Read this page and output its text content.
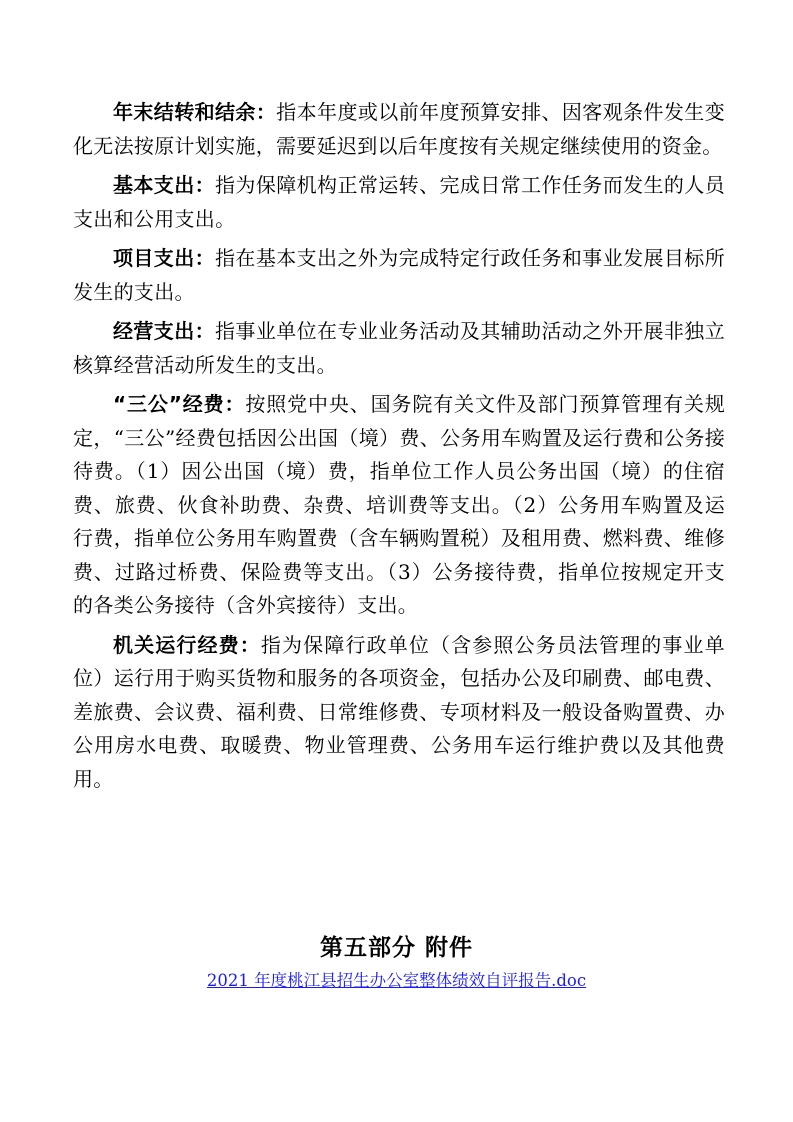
年末结转和结余：指本年度或以前年度预算安排、因客观条件发生变化无法按原计划实施，需要延迟到以后年度按有关规定继续使用的资金。

基本支出：指为保障机构正常运转、完成日常工作任务而发生的人员支出和公用支出。

项目支出：指在基本支出之外为完成特定行政任务和事业发展目标所发生的支出。

经营支出：指事业单位在专业业务活动及其辅助活动之外开展非独立核算经营活动所发生的支出。

“三公”经费：按照党中央、国务院有关文件及部门预算管理有关规定，“三公”经费包括因公出国（境）费、公务用车购置及运行费和公务接待费。（1）因公出国（境）费，指单位工作人员公务出国（境）的住宿费、旅费、伙食补助费、杂费、培训费等支出。（2）公务用车购置及运行费，指单位公务用车购置费（含车辆购置税）及租用费、燃料费、维修费、过路过桥费、保险费等支出。（3）公务接待费，指单位按规定开支的各类公务接待（含外宾接待）支出。

机关运行经费：指为保障行政单位（含参照公务员法管理的事业单位）运行用于购买货物和服务的各项资金，包括办公及印刷费、邮电费、差旅费、会议费、福利费、日常维修费、专项材料及一般设备购置费、办公用房水电费、取暖费、物业管理费、公务用车运行维护费以及其他费用。

第五部分 附件
2021 年度桃江县招生办公室整体绩效自评报告.doc
